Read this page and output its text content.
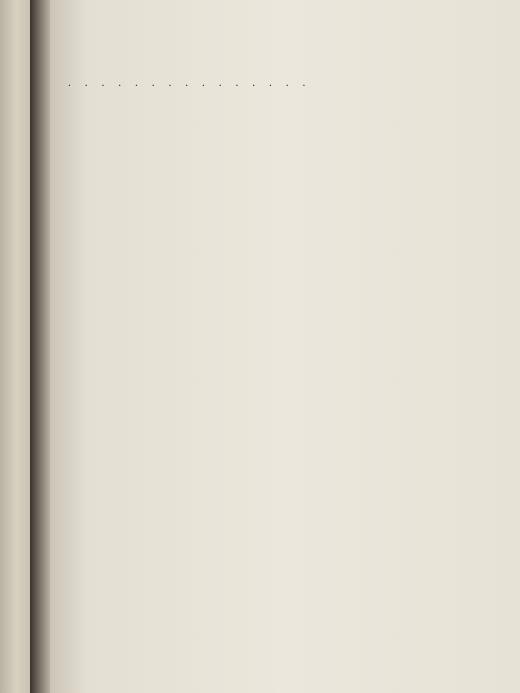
. . . . . . . . . . . . . . .
